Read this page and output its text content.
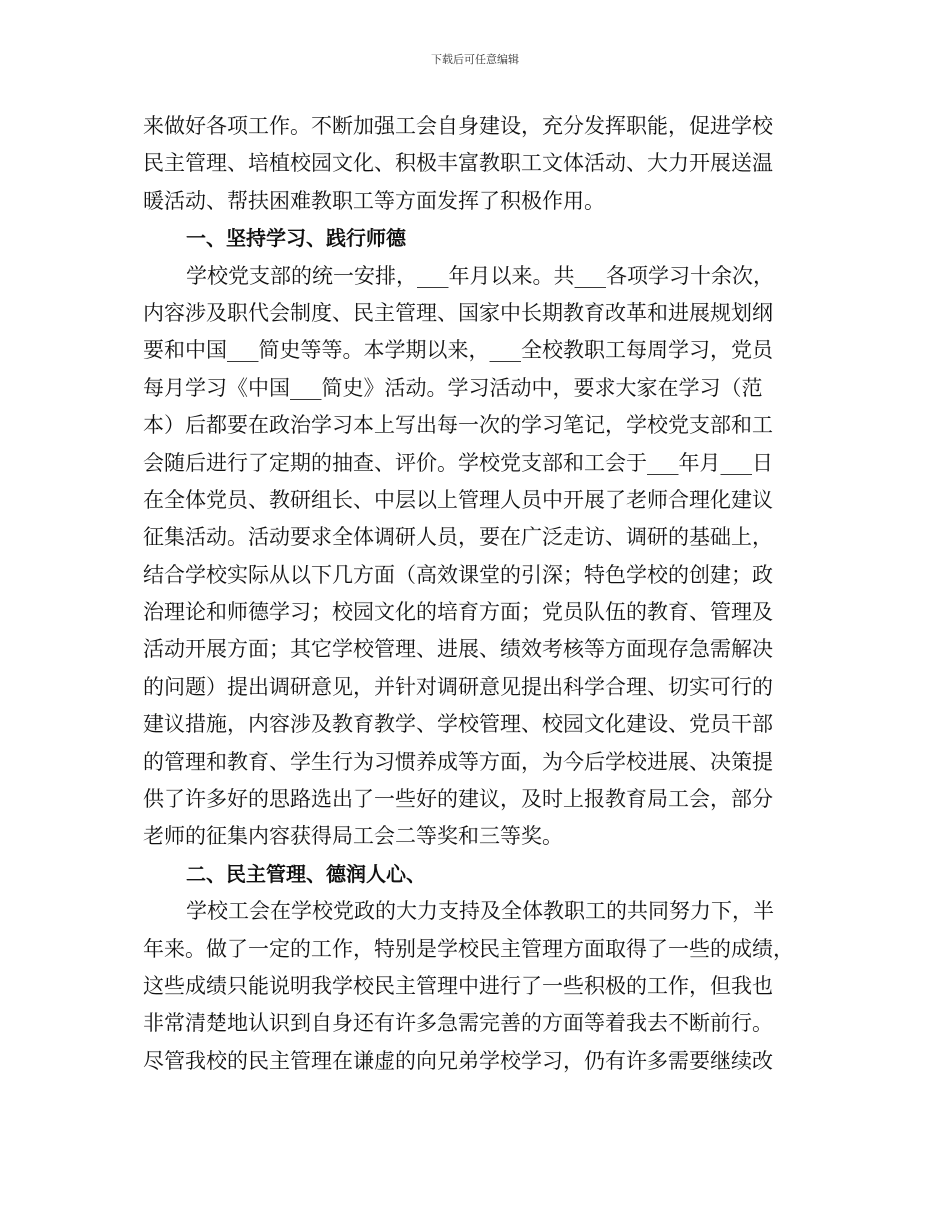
下载后可任意编辑
来做好各项工作。不断加强工会自身建设，充分发挥职能，促进学校
民主管理、培植校园文化、积极丰富教职工文体活动、大力开展送温
暖活动、帮扶困难教职工等方面发挥了积极作用。
一、坚持学习、践行师德
学校党支部的统一安排，___年月以来。共___各项学习十余次，
内容涉及职代会制度、民主管理、国家中长期教育改革和进展规划纲
要和中国___简史等等。本学期以来，___全校教职工每周学习，党员
每月学习《中国___简史》活动。学习活动中，要求大家在学习（范
本）后都要在政治学习本上写出每一次的学习笔记，学校党支部和工
会随后进行了定期的抽查、评价。学校党支部和工会于___年月___日
在全体党员、教研组长、中层以上管理人员中开展了老师合理化建议
征集活动。活动要求全体调研人员，要在广泛走访、调研的基础上，
结合学校实际从以下几方面（高效课堂的引深；特色学校的创建；政
治理论和师德学习；校园文化的培育方面；党员队伍的教育、管理及
活动开展方面；其它学校管理、进展、绩效考核等方面现存急需解决
的问题）提出调研意见，并针对调研意见提出科学合理、切实可行的
建议措施，内容涉及教育教学、学校管理、校园文化建设、党员干部
的管理和教育、学生行为习惯养成等方面，为今后学校进展、决策提
供了许多好的思路选出了一些好的建议，及时上报教育局工会，部分
老师的征集内容获得局工会二等奖和三等奖。
二、民主管理、德润人心、
学校工会在学校党政的大力支持及全体教职工的共同努力下，半
年来。做了一定的工作，特别是学校民主管理方面取得了一些的成绩，
这些成绩只能说明我学校民主管理中进行了一些积极的工作，但我也
非常清楚地认识到自身还有许多急需完善的方面等着我去不断前行。
尽管我校的民主管理在谦虚的向兄弟学校学习，仍有许多需要继续改
